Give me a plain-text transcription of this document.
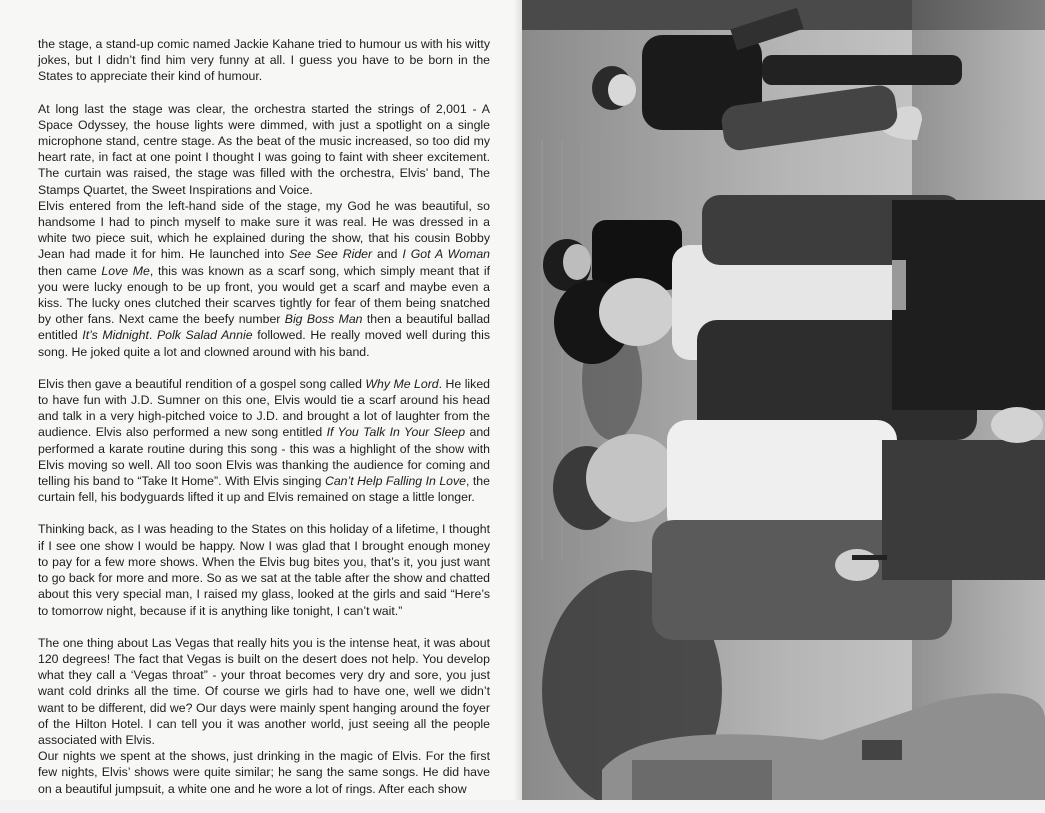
the stage, a stand-up comic named Jackie Kahane tried to humour us with his witty jokes, but I didn’t find him very funny at all. I guess you have to be born in the States to appreciate their kind of humour.

At long last the stage was clear, the orchestra started the strings of 2,001 - A Space Odyssey, the house lights were dimmed, with just a spotlight on a single microphone stand, centre stage. As the beat of the music increased, so too did my heart rate, in fact at one point I thought I was going to faint with sheer excitement. The curtain was raised, the stage was filled with the orchestra, Elvis’ band, The Stamps Quartet, the Sweet Inspirations and Voice.

Elvis entered from the left-hand side of the stage, my God he was beautiful, so handsome I had to pinch myself to make sure it was real. He was dressed in a white two piece suit, which he explained during the show, that his cousin Bobby Jean had made it for him. He launched into See See Rider and I Got A Woman then came Love Me, this was known as a scarf song, which simply meant that if you were lucky enough to be up front, you would get a scarf and maybe even a kiss. The lucky ones clutched their scarves tightly for fear of them being snatched by other fans. Next came the beefy number Big Boss Man then a beautiful ballad entitled It’s Midnight. Polk Salad Annie followed. He really moved well during this song. He joked quite a lot and clowned around with his band.

Elvis then gave a beautiful rendition of a gospel song called Why Me Lord. He liked to have fun with J.D. Sumner on this one, Elvis would tie a scarf around his head and talk in a very high-pitched voice to J.D. and brought a lot of laughter from the audience. Elvis also performed a new song entitled If You Talk In Your Sleep and performed a karate routine during this song - this was a highlight of the show with Elvis moving so well. All too soon Elvis was thanking the audience for coming and telling his band to “Take It Home”. With Elvis singing Can’t Help Falling In Love, the curtain fell, his bodyguards lifted it up and Elvis remained on stage a little longer.

Thinking back, as I was heading to the States on this holiday of a lifetime, I thought if I see one show I would be happy. Now I was glad that I brought enough money to pay for a few more shows. When the Elvis bug bites you, that’s it, you just want to go back for more and more. So as we sat at the table after the show and chatted about this very special man, I raised my glass, looked at the girls and said “Here’s to tomorrow night, because if it is anything like tonight, I can’t wait.”

The one thing about Las Vegas that really hits you is the intense heat, it was about 120 degrees! The fact that Vegas is built on the desert does not help. You develop what they call a ‘Vegas throat” - your throat becomes very dry and sore, you just want cold drinks all the time. Of course we girls had to have one, well we didn’t want to be different, did we? Our days were mainly spent hanging around the foyer of the Hilton Hotel. I can tell you it was another world, just seeing all the people associated with Elvis.

Our nights we spent at the shows, just drinking in the magic of Elvis. For the first few nights, Elvis’ shows were quite similar; he sang the same songs. He did have on a beautiful jumpsuit, a white one and he wore a lot of rings. After each show
